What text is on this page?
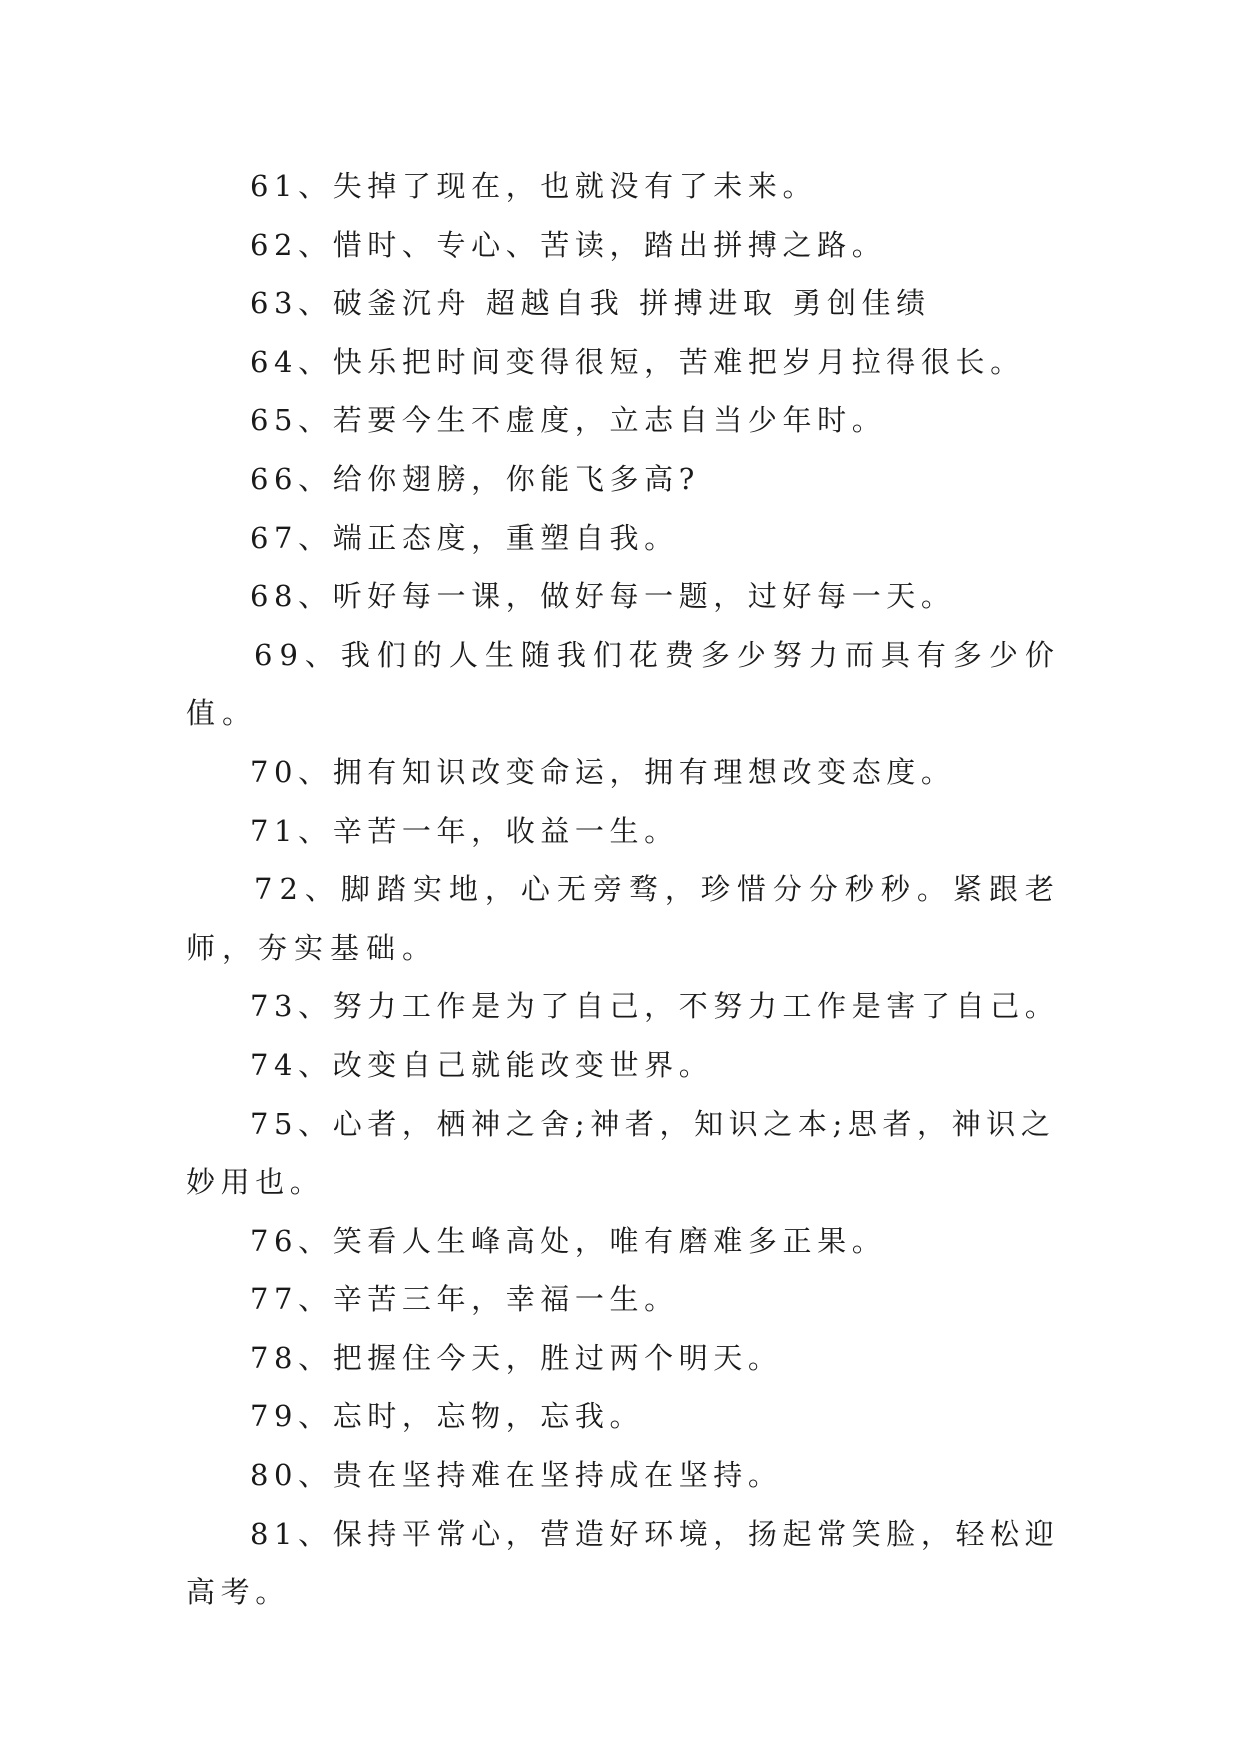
61、失掉了现在，也就没有了未来。

62、惜时、专心、苦读，踏出拼搏之路。

63、破釜沉舟 超越自我 拼搏进取 勇创佳绩

64、快乐把时间变得很短，苦难把岁月拉得很长。

65、若要今生不虚度，立志自当少年时。

66、给你翅膀，你能飞多高?

67、端正态度，重塑自我。

68、听好每一课，做好每一题，过好每一天。

69、我们的人生随我们花费多少努力而具有多少价值。

70、拥有知识改变命运，拥有理想改变态度。

71、辛苦一年，收益一生。

72、脚踏实地，心无旁骛，珍惜分分秒秒。紧跟老师，夯实基础。

73、努力工作是为了自己，不努力工作是害了自己。

74、改变自己就能改变世界。

75、心者，栖神之舍;神者，知识之本;思者，神识之妙用也。

76、笑看人生峰高处，唯有磨难多正果。

77、辛苦三年，幸福一生。

78、把握住今天，胜过两个明天。

79、忘时，忘物，忘我。

80、贵在坚持难在坚持成在坚持。

81、保持平常心，营造好环境，扬起常笑脸，轻松迎高考。
